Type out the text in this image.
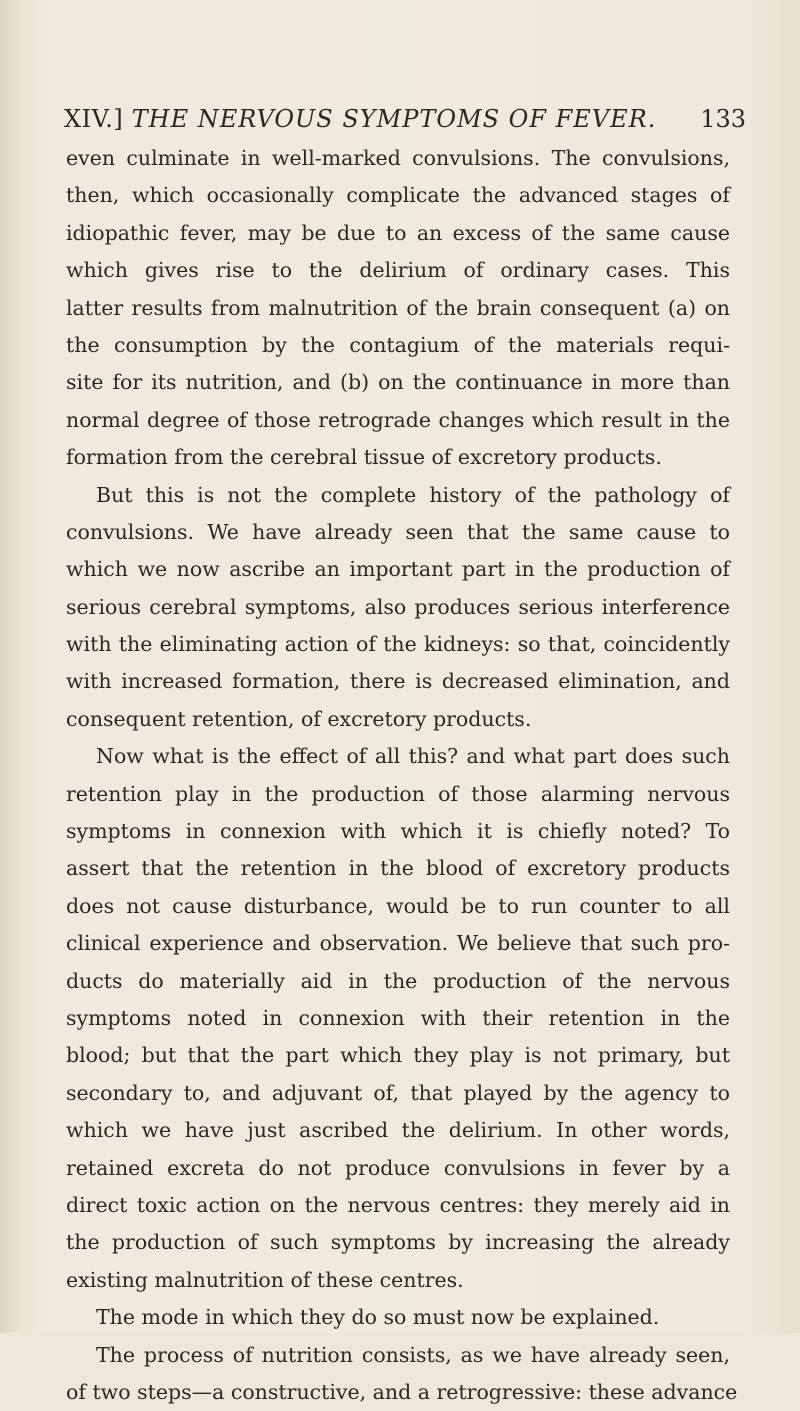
XIV.] THE NERVOUS SYMPTOMS OF FEVER.	133
even culminate in well-marked convulsions. The convulsions,
then, which occasionally complicate the advanced stages of
idiopathic fever, may be due to an excess of the same cause
which gives rise to the delirium of ordinary cases. This
latter results from malnutrition of the brain consequent (a) on
the consumption by the contagium of the materials requi-
site for its nutrition, and (b) on the continuance in more than
normal degree of those retrograde changes which result in the
formation from the cerebral tissue of excretory products.
But this is not the complete history of the pathology of
convulsions. We have already seen that the same cause to
which we now ascribe an important part in the production of
serious cerebral symptoms, also produces serious interference
with the eliminating action of the kidneys: so that, coincidently
with increased formation, there is decreased elimination, and
consequent retention, of excretory products.
Now what is the effect of all this? and what part does such
retention play in the production of those alarming nervous
symptoms in connexion with which it is chiefly noted? To
assert that the retention in the blood of excretory products
does not cause disturbance, would be to run counter to all
clinical experience and observation. We believe that such pro-
ducts do materially aid in the production of the nervous
symptoms noted in connexion with their retention in the
blood; but that the part which they play is not primary, but
secondary to, and adjuvant of, that played by the agency to
which we have just ascribed the delirium. In other words,
retained excreta do not produce convulsions in fever by a
direct toxic action on the nervous centres: they merely aid in
the production of such symptoms by increasing the already
existing malnutrition of these centres.
The mode in which they do so must now be explained.
The process of nutrition consists, as we have already seen,
of two steps—a constructive, and a retrogressive: these advance
